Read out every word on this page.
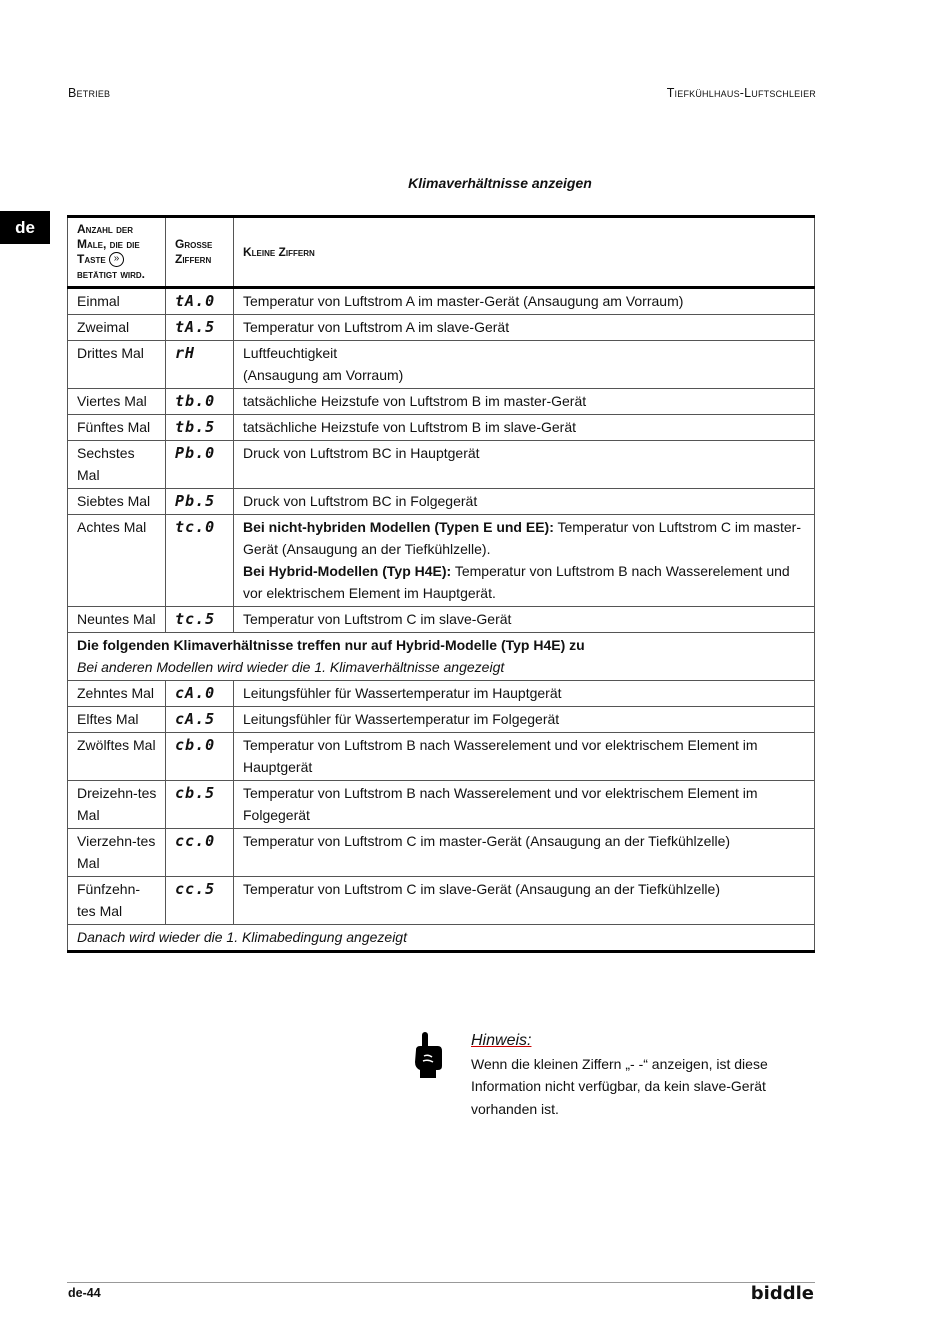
Betrieb	Tiefkühlhaus-Luftschleier
de
Klimaverhältnisse anzeigen
Anzahl der Male, die die Taste » betätigt wird.	Große Ziffern	Kleine Ziffern
Einmal	tA.0	Temperatur von Luftstrom A im master-Gerät (Ansaugung am Vorraum)
Zweimal	tA.5	Temperatur von Luftstrom A im slave-Gerät
Drittes Mal	rH	Luftfeuchtigkeit
(Ansaugung am Vorraum)

Viertes Mal	tb.0	tatsächliche Heizstufe von Luftstrom B im master-Gerät
Fünftes Mal	tb.5	tatsächliche Heizstufe von Luftstrom B im slave-Gerät
Sechstes Mal	Pb.0	Druck von Luftstrom BC in Hauptgerät
Siebtes Mal	Pb.5	Druck von Luftstrom BC in Folgegerät
Achtes Mal	tc.0	Bei nicht-hybriden Modellen (Typen E und EE): Temperatur von Luftstrom C im master-Gerät (Ansaugung an der Tiefkühlzelle).
Bei Hybrid-Modellen (Typ H4E): Temperatur von Luftstrom B nach Wasserelement und vor elektrischem Element im Hauptgerät.

Neuntes Mal	tc.5	Temperatur von Luftstrom C im slave-Gerät

Die folgenden Klimaverhältnisse treffen nur auf Hybrid-Modelle (Typ H4E) zu
Bei anderen Modellen wird wieder die 1. Klimaverhältnisse angezeigt		

Zehntes Mal	cA.0	Leitungsfühler für Wassertemperatur im Hauptgerät
Elftes Mal	cA.5	Leitungsfühler für Wassertemperatur im Folgegerät
Zwölftes Mal	cb.0	Temperatur von Luftstrom B nach Wasserelement und vor elektrischem Element im Hauptgerät
Dreizehn-tes Mal	cb.5	Temperatur von Luftstrom B nach Wasserelement und vor elektrischem Element im Folgegerät
Vierzehn-tes Mal	cc.0	Temperatur von Luftstrom C im master-Gerät (Ansaugung an der Tiefkühlzelle)
Fünfzehn-tes Mal	cc.5	Temperatur von Luftstrom C im slave-Gerät (Ansaugung an der Tiefkühlzelle)
Danach wird wieder die 1. Klimabedingung angezeigt		
Hinweis:
Wenn die kleinen Ziffern „- -“ anzeigen, ist diese Information nicht verfügbar, da kein slave-Gerät vorhanden ist.
de-44	biddle
